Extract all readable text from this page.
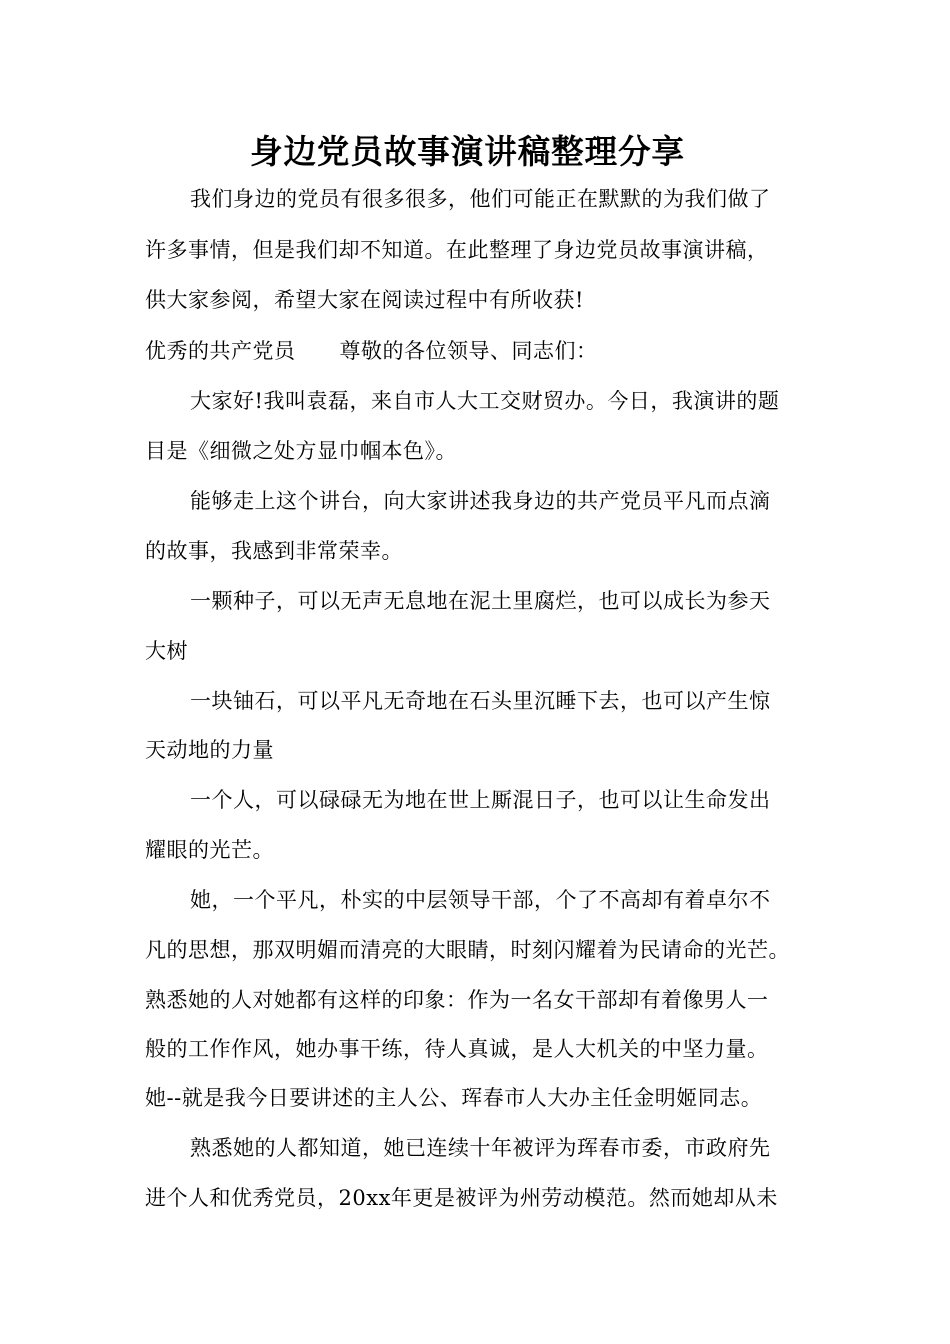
身边党员故事演讲稿整理分享
我们身边的党员有很多很多，他们可能正在默默的为我们做了
许多事情，但是我们却不知道。在此整理了身边党员故事演讲稿，
供大家参阅，希望大家在阅读过程中有所收获!
优秀的共产党员 尊敬的各位领导、同志们：
大家好!我叫袁磊，来自市人大工交财贸办。今日，我演讲的题
目是《细微之处方显巾帼本色》。
能够走上这个讲台，向大家讲述我身边的共产党员平凡而点滴
的故事，我感到非常荣幸。
一颗种子，可以无声无息地在泥土里腐烂，也可以成长为参天
大树
一块铀石，可以平凡无奇地在石头里沉睡下去，也可以产生惊
天动地的力量
一个人，可以碌碌无为地在世上厮混日子，也可以让生命发出
耀眼的光芒。
她，一个平凡，朴实的中层领导干部，个了不高却有着卓尔不
凡的思想，那双明媚而清亮的大眼睛，时刻闪耀着为民请命的光芒。
熟悉她的人对她都有这样的印象：作为一名女干部却有着像男人一
般的工作作风，她办事干练，待人真诚，是人大机关的中坚力量。
她--就是我今日要讲述的主人公、珲春市人大办主任金明姬同志。
熟悉她的人都知道，她已连续十年被评为珲春市委，市政府先
进个人和优秀党员，20xx年更是被评为州劳动模范。然而她却从未
